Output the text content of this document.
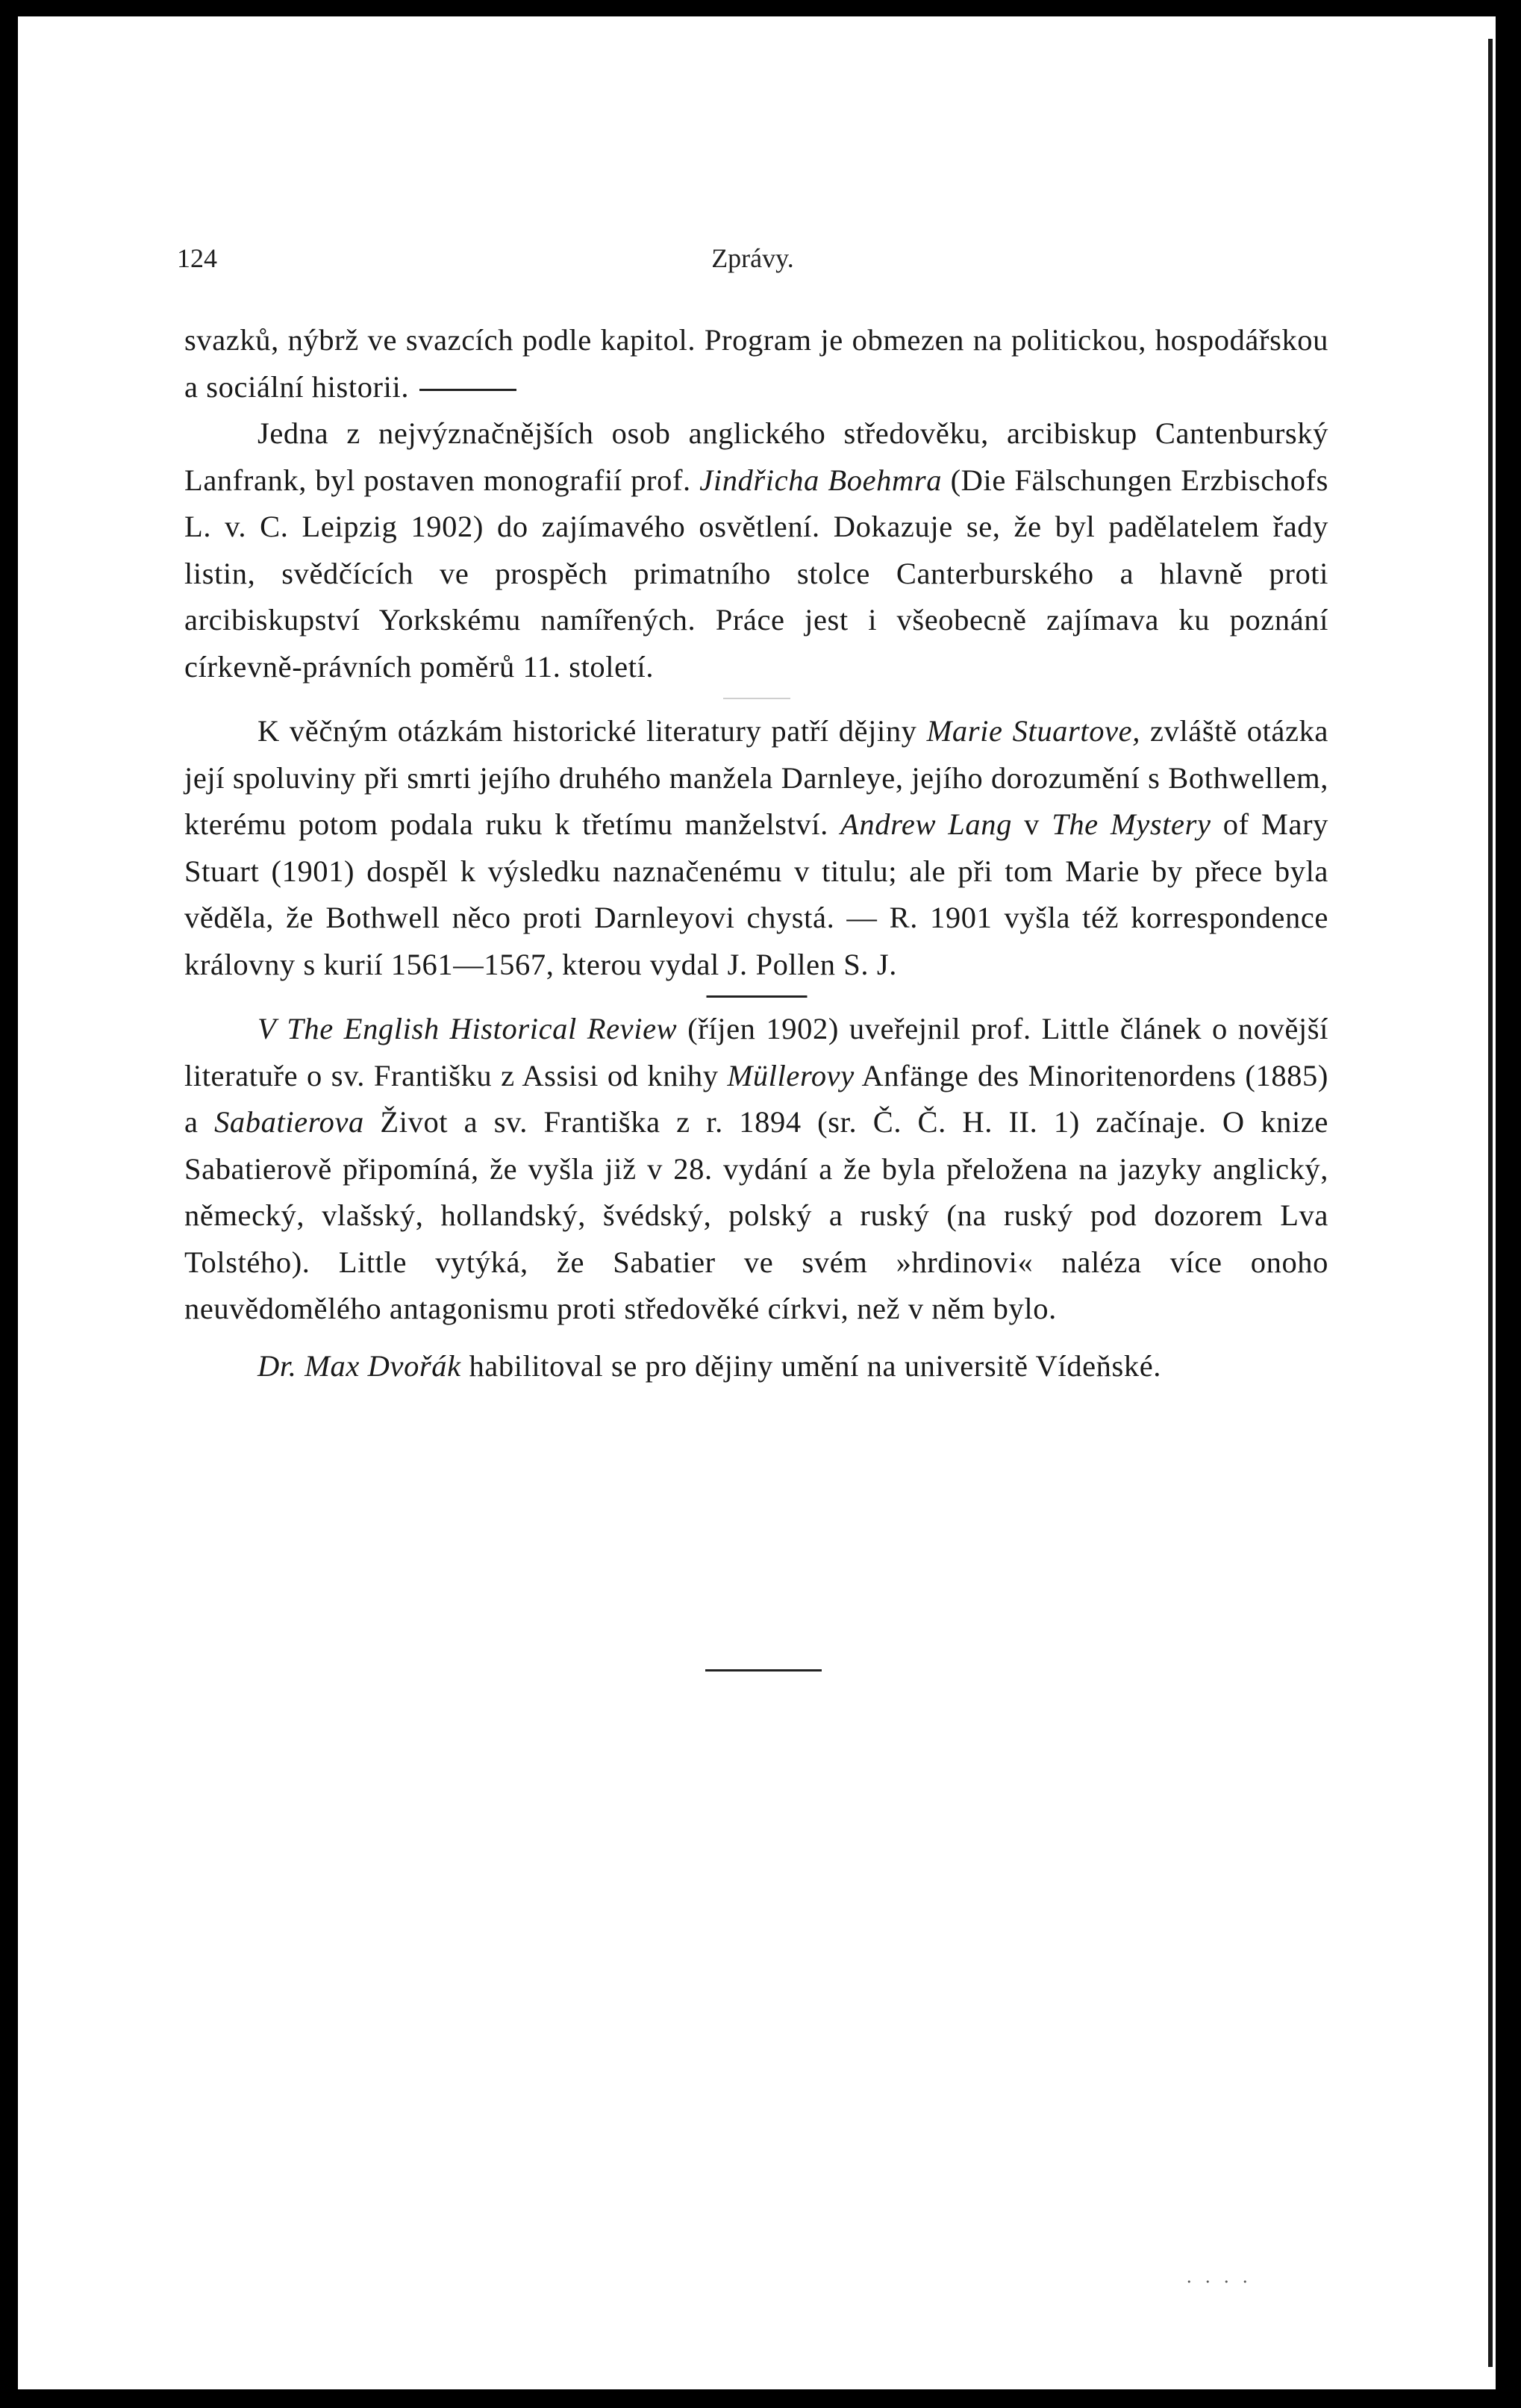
124	Zprávy.

svazků, nýbrž ve svazcích podle kapitol. Program je obmezen na politickou, hospodářskou a sociální historii.

Jedna z nejvýznačnějších osob anglického středověku, arcibiskup Cantenburský Lanfrank, byl postaven monografií prof. Jindřicha Boehmra (Die Fälschungen Erzbischofs L. v. C. Leipzig 1902) do zajímavého osvětlení. Dokazuje se, že byl padělatelem řady listin, svědčících ve prospěch primatního stolce Canterburského a hlavně proti arcibiskupství Yorkskému namířených. Práce jest i všeobecně zajímava ku poznání církevně-právních poměrů 11. století.

K věčným otázkám historické literatury patří dějiny Marie Stuartove, zvláště otázka její spoluviny při smrti jejího druhého manžela Darnleye, jejího dorozumění s Bothwellem, kterému potom podala ruku k třetímu manželství. Andrew Lang v The Mystery of Mary Stuart (1901) dospěl k výsledku naznačenému v titulu; ale při tom Marie by přece byla věděla, že Bothwell něco proti Darnleyovi chystá. — R. 1901 vyšla též korrespondence královny s kurií 1561—1567, kterou vydal J. Pollen S. J.

V The English Historical Review (říjen 1902) uveřejnil prof. Little článek o novější literatuře o sv. Františku z Assisi od knihy Müllerovy Anfänge des Minoritenordens (1885) a Sabatierova Život a sv. Františka z r. 1894 (sr. Č. Č. H. II. 1) začínaje. O knize Sabatierově připomíná, že vyšla již v 28. vydání a že byla přeložena na jazyky anglický, německý, vlašský, hollandský, švédský, polský a ruský (na ruský pod dozorem Lva Tolstého). Little vytýká, že Sabatier ve svém »hrdinovi« naléza více onoho neuvědomělého antagonismu proti středověké církvi, než v něm bylo.

Dr. Max Dvořák habilitoval se pro dějiny umění na universitě Vídeňské.

. . . .
